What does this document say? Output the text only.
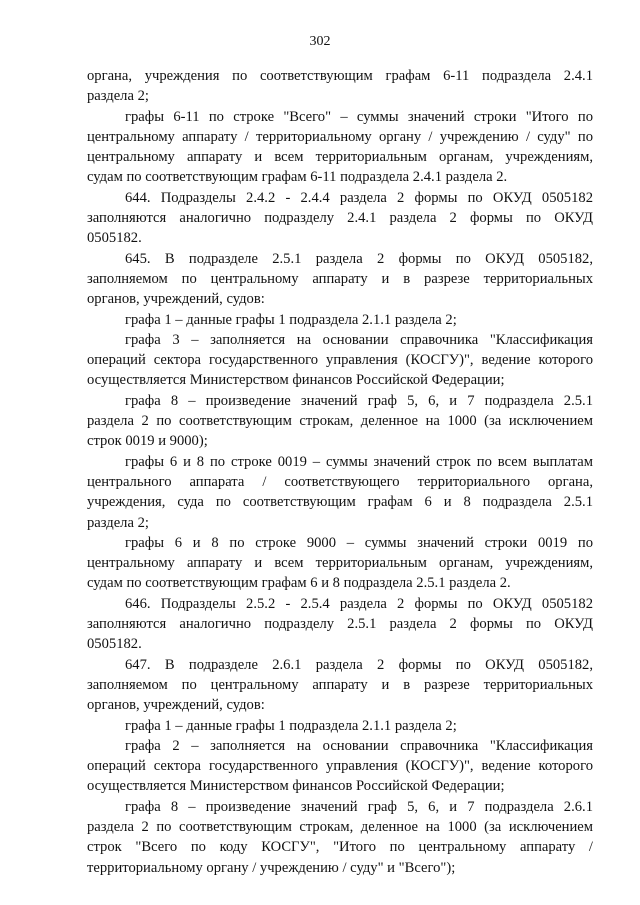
302
органа, учреждения по соответствующим графам 6-11 подраздела 2.4.1
раздела 2;
графы 6-11 по строке "Всего" – суммы значений строки "Итого по
центральному аппарату / территориальному органу / учреждению / суду" по
центральному аппарату и всем территориальным органам, учреждениям,
судам по соответствующим графам 6-11 подраздела 2.4.1 раздела 2.
644. Подразделы 2.4.2 - 2.4.4 раздела 2 формы по ОКУД 0505182
заполняются аналогично подразделу 2.4.1 раздела 2 формы по ОКУД
0505182.
645. В подразделе 2.5.1 раздела 2 формы по ОКУД 0505182,
заполняемом по центральному аппарату и в разрезе территориальных
органов, учреждений, судов:
графа 1 – данные графы 1 подраздела 2.1.1 раздела 2;
графа 3 – заполняется на основании справочника "Классификация
операций сектора государственного управления (КОСГУ)", ведение которого
осуществляется Министерством финансов Российской Федерации;
графа 8 – произведение значений граф 5, 6, и 7 подраздела 2.5.1
раздела 2 по соответствующим строкам, деленное на 1000 (за исключением
строк 0019 и 9000);
графы 6 и 8 по строке 0019 – суммы значений строк по всем выплатам
центрального аппарата / соответствующего территориального органа,
учреждения, суда по соответствующим графам 6 и 8 подраздела 2.5.1
раздела 2;
графы 6 и 8 по строке 9000 – суммы значений строки 0019 по
центральному аппарату и всем территориальным органам, учреждениям,
судам по соответствующим графам 6 и 8 подраздела 2.5.1 раздела 2.
646. Подразделы 2.5.2 - 2.5.4 раздела 2 формы по ОКУД 0505182
заполняются аналогично подразделу 2.5.1 раздела 2 формы по ОКУД
0505182.
647. В подразделе 2.6.1 раздела 2 формы по ОКУД 0505182,
заполняемом по центральному аппарату и в разрезе территориальных
органов, учреждений, судов:
графа 1 – данные графы 1 подраздела 2.1.1 раздела 2;
графа 2 – заполняется на основании справочника "Классификация
операций сектора государственного управления (КОСГУ)", ведение которого
осуществляется Министерством финансов Российской Федерации;
графа 8 – произведение значений граф 5, 6, и 7 подраздела 2.6.1
раздела 2 по соответствующим строкам, деленное на 1000 (за исключением
строк "Всего по коду КОСГУ", "Итого по центральному аппарату /
территориальному органу / учреждению / суду" и "Всего");
